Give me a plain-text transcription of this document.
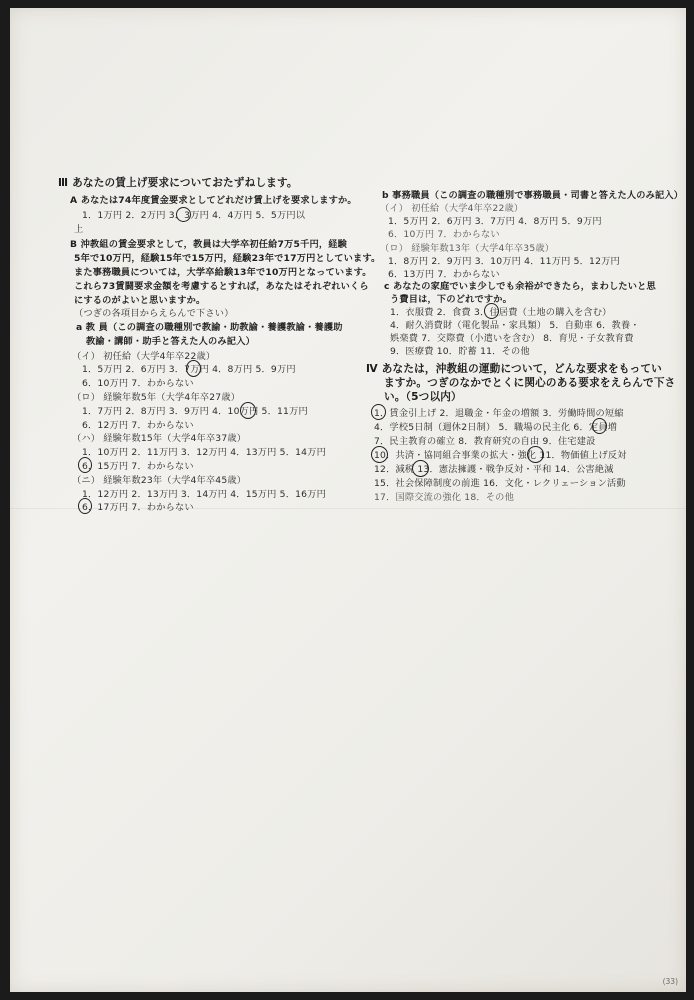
Ⅲ あなたの賃上げ要求についておたずねします。
A あなたは74年度賃金要求としてどれだけ賃上げを要求しますか。
1．1万円 2．2万円 3．3万円 4．4万円 5．5万円以
上
B 沖教組の賃金要求として，教員は大学卒初任給7万5千円，経験
5年で10万円，経験15年で15万円，経験23年で17万円としています。
また事務職員については，大学卒給験13年で10万円となっています。
これら73賃闘要求金額を考慮するとすれば，あなたはそれぞれいくら
にするのがよいと思いますか。
（つぎの各項目からえらんで下さい）
a 教 員（この調査の職種別で教諭・助教諭・養護教諭・養護助
教諭・講師・助手と答えた人のみ記入）
（イ） 初任給（大学4年卒22歳）
1．5万円 2．6万円 3．7万円 4．8万円 5．9万円
6．10万円 7．わからない
（ロ） 経験年数5年（大学4年卒27歳）
1．7万円 2．8万円 3．9万円 4．10万円 5．11万円
6．12万円 7．わからない
（ハ） 経験年数15年（大学4年卒37歳）
1．10万円 2．11万円 3．12万円 4．13万円 5．14万円
6．15万円 7．わからない
（ニ） 経験年数23年（大学4年卒45歳）
1．12万円 2．13万円 3．14万円 4．15万円 5．16万円
6．17万円 7．わからない
b 事務職員（この調査の職種別で事務職員・司書と答えた人のみ記入）
（イ） 初任給（大学4年卒22歳）
1．5万円 2．6万円 3．7万円 4．8万円 5．9万円
6．10万円 7．わからない
（ロ） 経験年数13年（大学4年卒35歳）
1．8万円 2．9万円 3．10万円 4．11万円 5．12万円
6．13万円 7．わからない
c あなたの家庭でいま少しでも余裕ができたら，まわしたいと思
う費目は，下のどれですか。
1．衣服費 2．食費 3．住居費（土地の購入を含む）
4．耐久消費財（電化製品・家具類） 5．自動車 6．教養・
娯楽費 7．交際費（小遣いを含む） 8．育児・子女教育費
9．医療費 10．貯蓄 11．その他
Ⅳ あなたは，沖教組の運動について，どんな要求をもってい
ますか。つぎのなかでとくに関心のある要求をえらんで下さ
い。（5つ以内）
1．賃金引上げ 2．退職金・年金の増額 3．労働時間の短縮
4．学校5日制（週休2日制） 5．職場の民主化 6．定員増
7．民主教育の確立 8．教育研究の自由 9．住宅建設
10．共済・協同組合事業の拡大・強化 11．物価値上げ反対
12．減税 13．憲法擁護・戦争反対・平和 14．公害絶滅
15．社会保障制度の前進 16．文化・レクリェーション活動
17．国際交流の強化 18．その他
(33)
